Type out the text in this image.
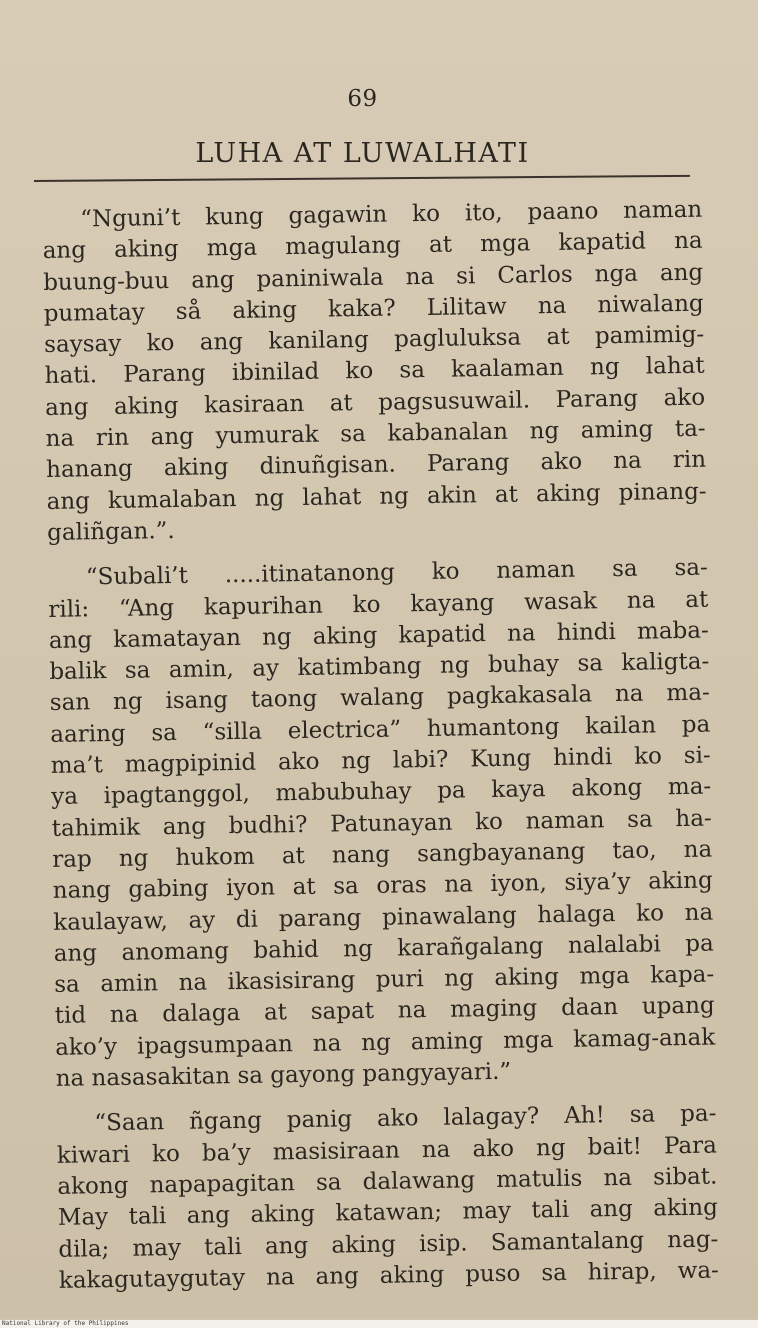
69
LUHA AT LUWALHATI
“Nguni’t kung gagawin ko ito, paano naman
ang aking mga magulang at mga kapatid na
buung-buu ang paniniwala na si Carlos nga ang
pumatay så aking kaka? Lilitaw na niwalang
saysay ko ang kanilang pagluluksa at pamimig-
hati. Parang ibinilad ko sa kaalaman ng lahat
ang aking kasiraan at pagsusuwail. Parang ako
na rin ang yumurak sa kabanalan ng aming ta-
hanang aking dinuñgisan. Parang ako na rin
ang kumalaban ng lahat ng akin at aking pinang-
galiñgan.”.
“Subali’t .....itinatanong ko naman sa sa-
rili: “Ang kapurihan ko kayang wasak na at
ang kamatayan ng aking kapatid na hindi maba-
balik sa amin, ay katimbang ng buhay sa kaligta-
san ng isang taong walang pagkakasala na ma-
aaring sa “silla electrica” humantong kailan pa
ma’t magpipinid ako ng labi? Kung hindi ko si-
ya ipagtanggol, mabubuhay pa kaya akong ma-
tahimik ang budhi? Patunayan ko naman sa ha-
rap ng hukom at nang sangbayanang tao, na
nang gabing iyon at sa oras na iyon, siya’y aking
kaulayaw, ay di parang pinawalang halaga ko na
ang anomang bahid ng karañgalang nalalabi pa
sa amin na ikasisirang puri ng aking mga kapa-
tid na dalaga at sapat na maging daan upang
ako’y ipagsumpaan na ng aming mga kamag-anak
na nasasakitan sa gayong pangyayari.”
“Saan ñgang panig ako lalagay? Ah! sa pa-
kiwari ko ba’y masisiraan na ako ng bait! Para
akong napapagitan sa dalawang matulis na sibat.
May tali ang aking katawan; may tali ang aking
dila; may tali ang aking isip. Samantalang nag-
kakagutaygutay na ang aking puso sa hirap, wa-
National Library of the Philippines
